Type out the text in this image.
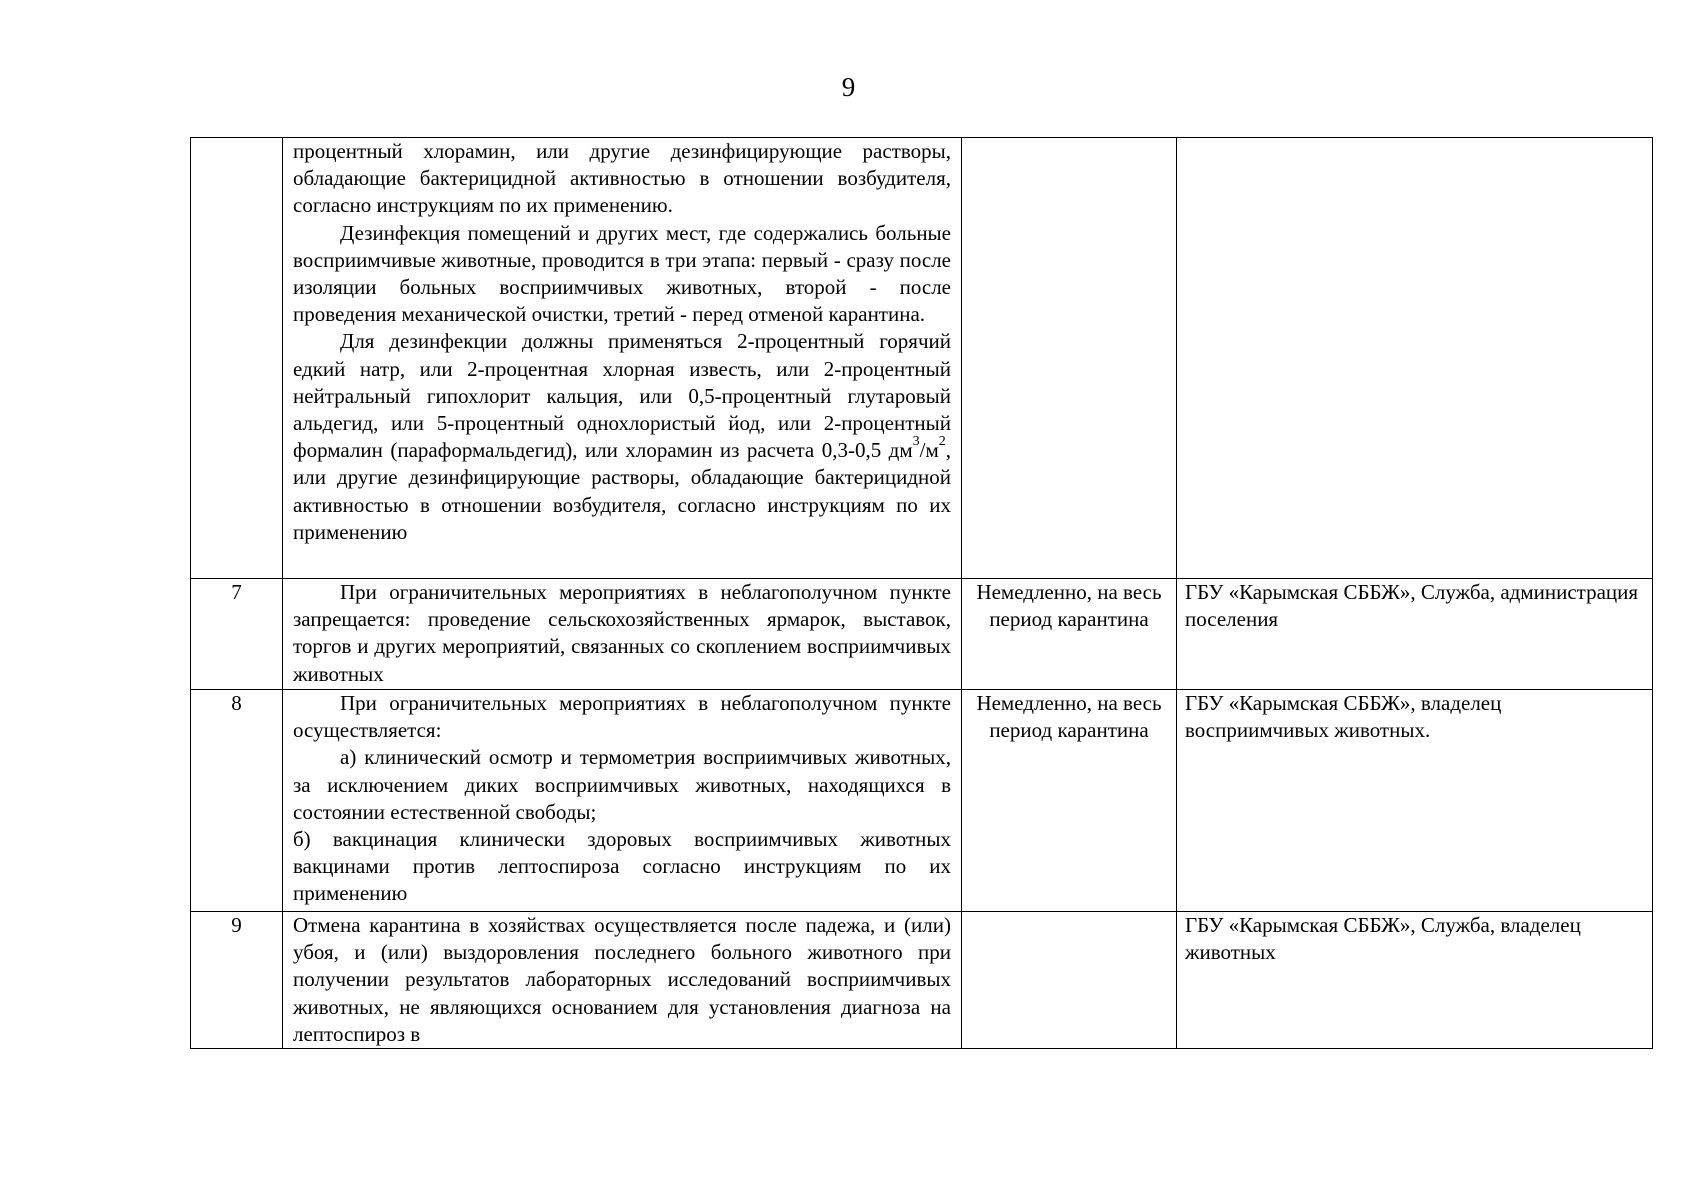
9

	процентный хлорамин, или другие дезинфицирующие растворы, обладающие бактерицидной активностью в отношении возбудителя, согласно инструкциям по их применению.

Дезинфекция помещений и других мест, где содержались больные восприимчивые животные, проводится в три этапа: первый - сразу после изоляции больных восприимчивых животных, второй - после проведения механической очистки, третий - перед отменой карантина.

Для дезинфекции должны применяться 2-процентный горячий едкий натр, или 2-процентная хлорная известь, или 2-процентный нейтральный гипохлорит кальция, или 0,5-процентный глутаровый альдегид, или 5-процентный однохлористый йод, или 2-процентный формалин (параформальдегид), или хлорамин из расчета 0,3-0,5 $дм^3/м^2$, или другие дезинфицирующие растворы, обладающие бактерицидной активностью в отношении возбудителя, согласно инструкциям по их применению		

7	При ограничительных мероприятиях в неблагополучном пункте запрещается: проведение сельскохозяйственных ярмарок, выставок, торгов и других мероприятий, связанных со скоплением восприимчивых животных	Немедленно, на весь период карантина	ГБУ «Карымская СББЖ», Служба, администрация поселения
8	При ограничительных мероприятиях в неблагополучном пункте осуществляется:

а) клинический осмотр и термометрия восприимчивых животных, за исключением диких восприимчивых животных, находящихся в состоянии естественной свободы;

б) вакцинация клинически здоровых восприимчивых животных вакцинами против лептоспироза согласно инструкциям по их применению	Немедленно, на весь период карантина	ГБУ «Карымская СББЖ», владелец восприимчивых животных.
9	Отмена карантина в хозяйствах осуществляется после падежа, и (или) убоя, и (или) выздоровления последнего больного животного при получении результатов лабораторных исследований восприимчивых животных, не являющихся основанием для установления диагноза на лептоспироз в		ГБУ «Карымская СББЖ», Служба, владелец животных
